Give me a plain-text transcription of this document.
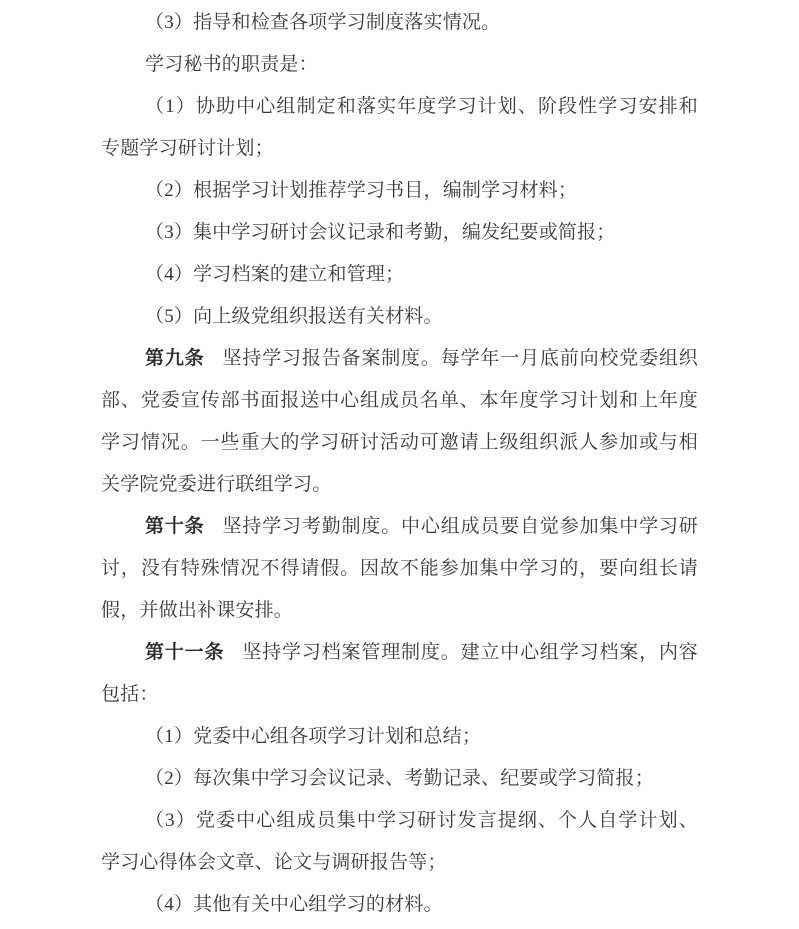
（3）指导和检查各项学习制度落实情况。
学习秘书的职责是：
（1）协助中心组制定和落实年度学习计划、阶段性学习安排和
专题学习研讨计划；
（2）根据学习计划推荐学习书目，编制学习材料；
（3）集中学习研讨会议记录和考勤，编发纪要或简报；
（4）学习档案的建立和管理；
（5）向上级党组织报送有关材料。
第九条 坚持学习报告备案制度。每学年一月底前向校党委组织
部、党委宣传部书面报送中心组成员名单、本年度学习计划和上年度
学习情况。一些重大的学习研讨活动可邀请上级组织派人参加或与相
关学院党委进行联组学习。
第十条 坚持学习考勤制度。中心组成员要自觉参加集中学习研
讨，没有特殊情况不得请假。因故不能参加集中学习的，要向组长请
假，并做出补课安排。
第十一条 坚持学习档案管理制度。建立中心组学习档案，内容
包括：
（1）党委中心组各项学习计划和总结；
（2）每次集中学习会议记录、考勤记录、纪要或学习简报；
（3）党委中心组成员集中学习研讨发言提纲、个人自学计划、
学习心得体会文章、论文与调研报告等；
（4）其他有关中心组学习的材料。
